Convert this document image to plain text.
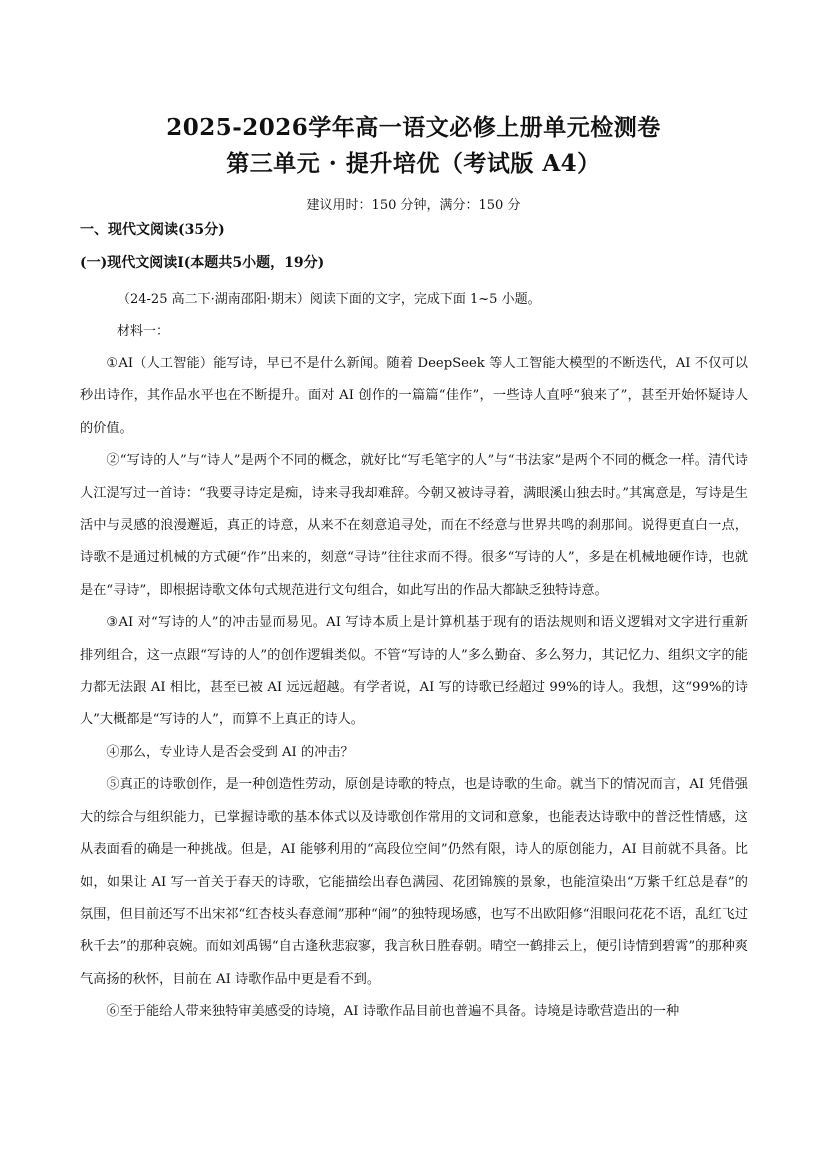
2025-2026学年高一语文必修上册单元检测卷
第三单元 · 提升培优（考试版 A4）
建议用时：150 分钟，满分：150 分
一、现代文阅读(35分)
(一)现代文阅读Ⅰ(本题共5小题，19分)
（24-25 高二下·湖南邵阳·期末）阅读下面的文字，完成下面 1~5 小题。
材料一：

①AI（人工智能）能写诗，早已不是什么新闻。随着 DeepSeek 等人工智能大模型的不断迭代，AI 不仅可以秒出诗作，其作品水平也在不断提升。面对 AI 创作的一篇篇“佳作”，一些诗人直呼“狼来了”，甚至开始怀疑诗人的价值。

②“写诗的人”与“诗人”是两个不同的概念，就好比“写毛笔字的人”与“书法家”是两个不同的概念一样。清代诗人江湜写过一首诗：“我要寻诗定是痴，诗来寻我却难辞。今朝又被诗寻着，满眼溪山独去时。”其寓意是，写诗是生活中与灵感的浪漫邂逅，真正的诗意，从来不在刻意追寻处，而在不经意与世界共鸣的刹那间。说得更直白一点，诗歌不是通过机械的方式硬“作”出来的，刻意“寻诗”往往求而不得。很多“写诗的人”，多是在机械地硬作诗，也就是在“寻诗”，即根据诗歌文体句式规范进行文句组合，如此写出的作品大都缺乏独特诗意。

③AI 对“写诗的人”的冲击显而易见。AI 写诗本质上是计算机基于现有的语法规则和语义逻辑对文字进行重新排列组合，这一点跟“写诗的人”的创作逻辑类似。不管“写诗的人”多么勤奋、多么努力，其记忆力、组织文字的能力都无法跟 AI 相比，甚至已被 AI 远远超越。有学者说，AI 写的诗歌已经超过 99%的诗人。我想，这“99%的诗人”大概都是“写诗的人”，而算不上真正的诗人。

④那么，专业诗人是否会受到 AI 的冲击？

⑤真正的诗歌创作，是一种创造性劳动，原创是诗歌的特点，也是诗歌的生命。就当下的情况而言，AI 凭借强大的综合与组织能力，已掌握诗歌的基本体式以及诗歌创作常用的文词和意象，也能表达诗歌中的普泛性情感，这从表面看的确是一种挑战。但是，AI 能够利用的“高段位空间”仍然有限，诗人的原创能力，AI 目前就不具备。比如，如果让 AI 写一首关于春天的诗歌，它能描绘出春色满园、花团锦簇的景象，也能渲染出“万紫千红总是春”的氛围，但目前还写不出宋祁“红杏枝头春意闹”那种“闹”的独特现场感，也写不出欧阳修“泪眼问花花不语，乱红飞过秋千去”的那种哀婉。而如刘禹锡“自古逢秋悲寂寥，我言秋日胜春朝。晴空一鹤排云上，便引诗情到碧霄”的那种爽气高扬的秋怀，目前在 AI 诗歌作品中更是看不到。

⑥至于能给人带来独特审美感受的诗境，AI 诗歌作品目前也普遍不具备。诗境是诗歌营造出的一种
